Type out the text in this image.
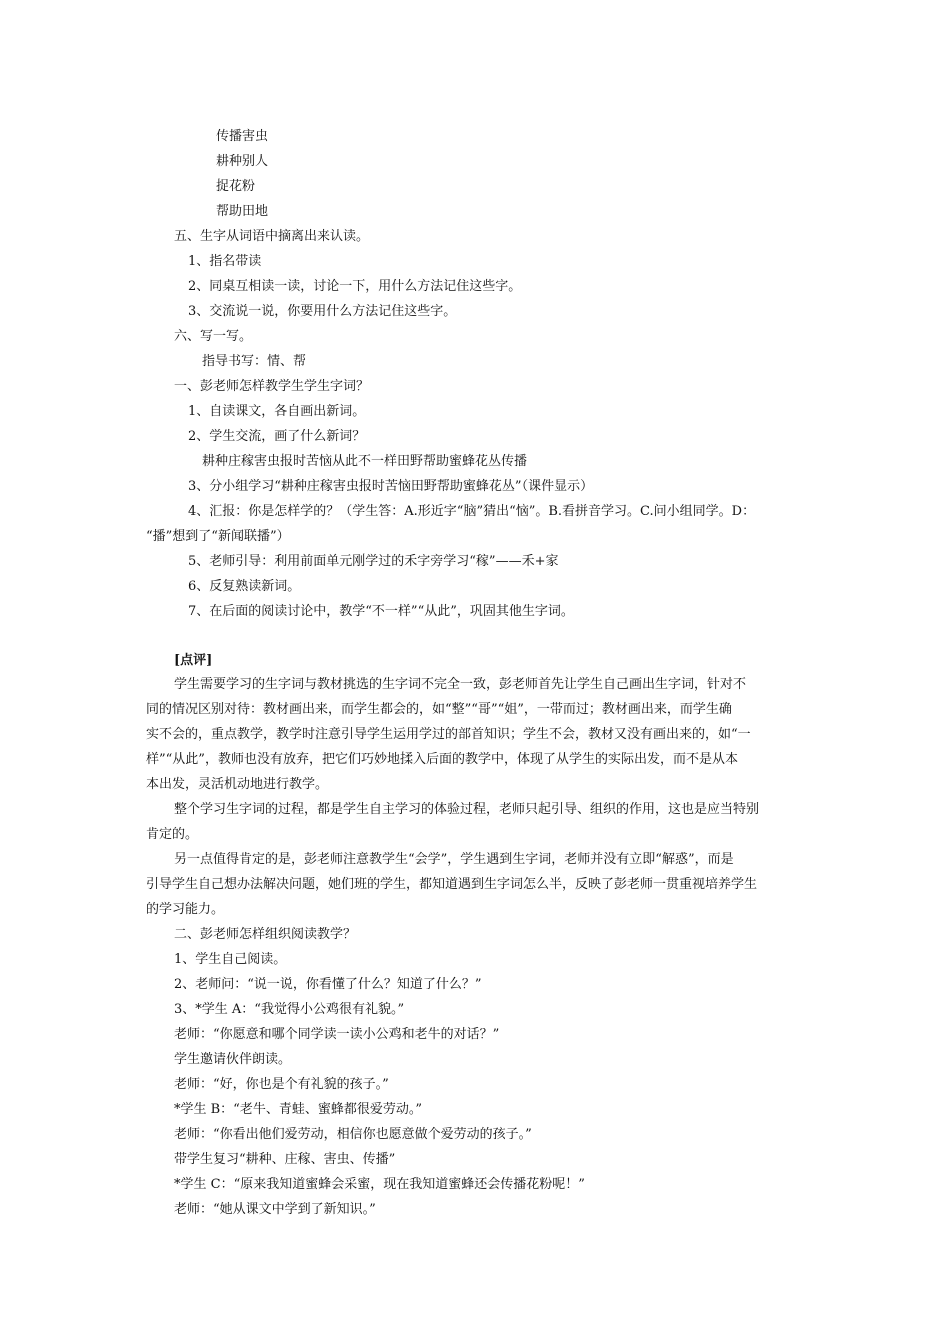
传播害虫
耕种别人
捉花粉
帮助田地
五、生字从词语中摘离出来认读。
1、指名带读
2、同桌互相读一读，讨论一下，用什么方法记住这些字。
3、交流说一说，你要用什么方法记住这些字。
六、写一写。
指导书写：情、帮
一、彭老师怎样教学生学生字词？
1、自读课文，各自画出新词。
2、学生交流，画了什么新词？
耕种庄稼害虫报时苦恼从此不一样田野帮助蜜蜂花丛传播
3、分小组学习“耕种庄稼害虫报时苦恼田野帮助蜜蜂花丛”（课件显示）
4、汇报：你是怎样学的？（学生答：A.形近字“脑”猜出“恼”。B.看拼音学习。C.问小组同学。D：
“播”想到了“新闻联播”）
5、老师引导：利用前面单元刚学过的禾字旁学习“稼”——禾+家
6、反复熟读新词。
7、在后面的阅读讨论中，教学“不一样”“从此”，巩固其他生字词。
[点评]
学生需要学习的生字词与教材挑选的生字词不完全一致，彭老师首先让学生自己画出生字词，针对不
同的情况区别对待：教材画出来，而学生都会的，如“整”“哥”“姐”，一带而过；教材画出来，而学生确
实不会的，重点教学，教学时注意引导学生运用学过的部首知识；学生不会，教材又没有画出来的，如“一
样”“从此”，教师也没有放弃，把它们巧妙地揉入后面的教学中，体现了从学生的实际出发，而不是从本
本出发，灵活机动地进行教学。
整个学习生字词的过程，都是学生自主学习的体验过程，老师只起引导、组织的作用，这也是应当特别
肯定的。
另一点值得肯定的是，彭老师注意教学生“会学”，学生遇到生字词，老师并没有立即“解惑”，而是
引导学生自己想办法解决问题，她们班的学生，都知道遇到生字词怎么半，反映了彭老师一贯重视培养学生
的学习能力。
二、彭老师怎样组织阅读教学？
1、学生自己阅读。
2、老师问：“说一说，你看懂了什么？知道了什么？”
3、*学生 A：“我觉得小公鸡很有礼貌。”
老师：“你愿意和哪个同学读一读小公鸡和老牛的对话？”
学生邀请伙伴朗读。
老师：“好，你也是个有礼貌的孩子。”
*学生 B：“老牛、青蛙、蜜蜂都很爱劳动。”
老师：“你看出他们爱劳动，相信你也愿意做个爱劳动的孩子。”
带学生复习“耕种、庄稼、害虫、传播”
*学生 C：“原来我知道蜜蜂会采蜜，现在我知道蜜蜂还会传播花粉呢！”
老师：“她从课文中学到了新知识。”
